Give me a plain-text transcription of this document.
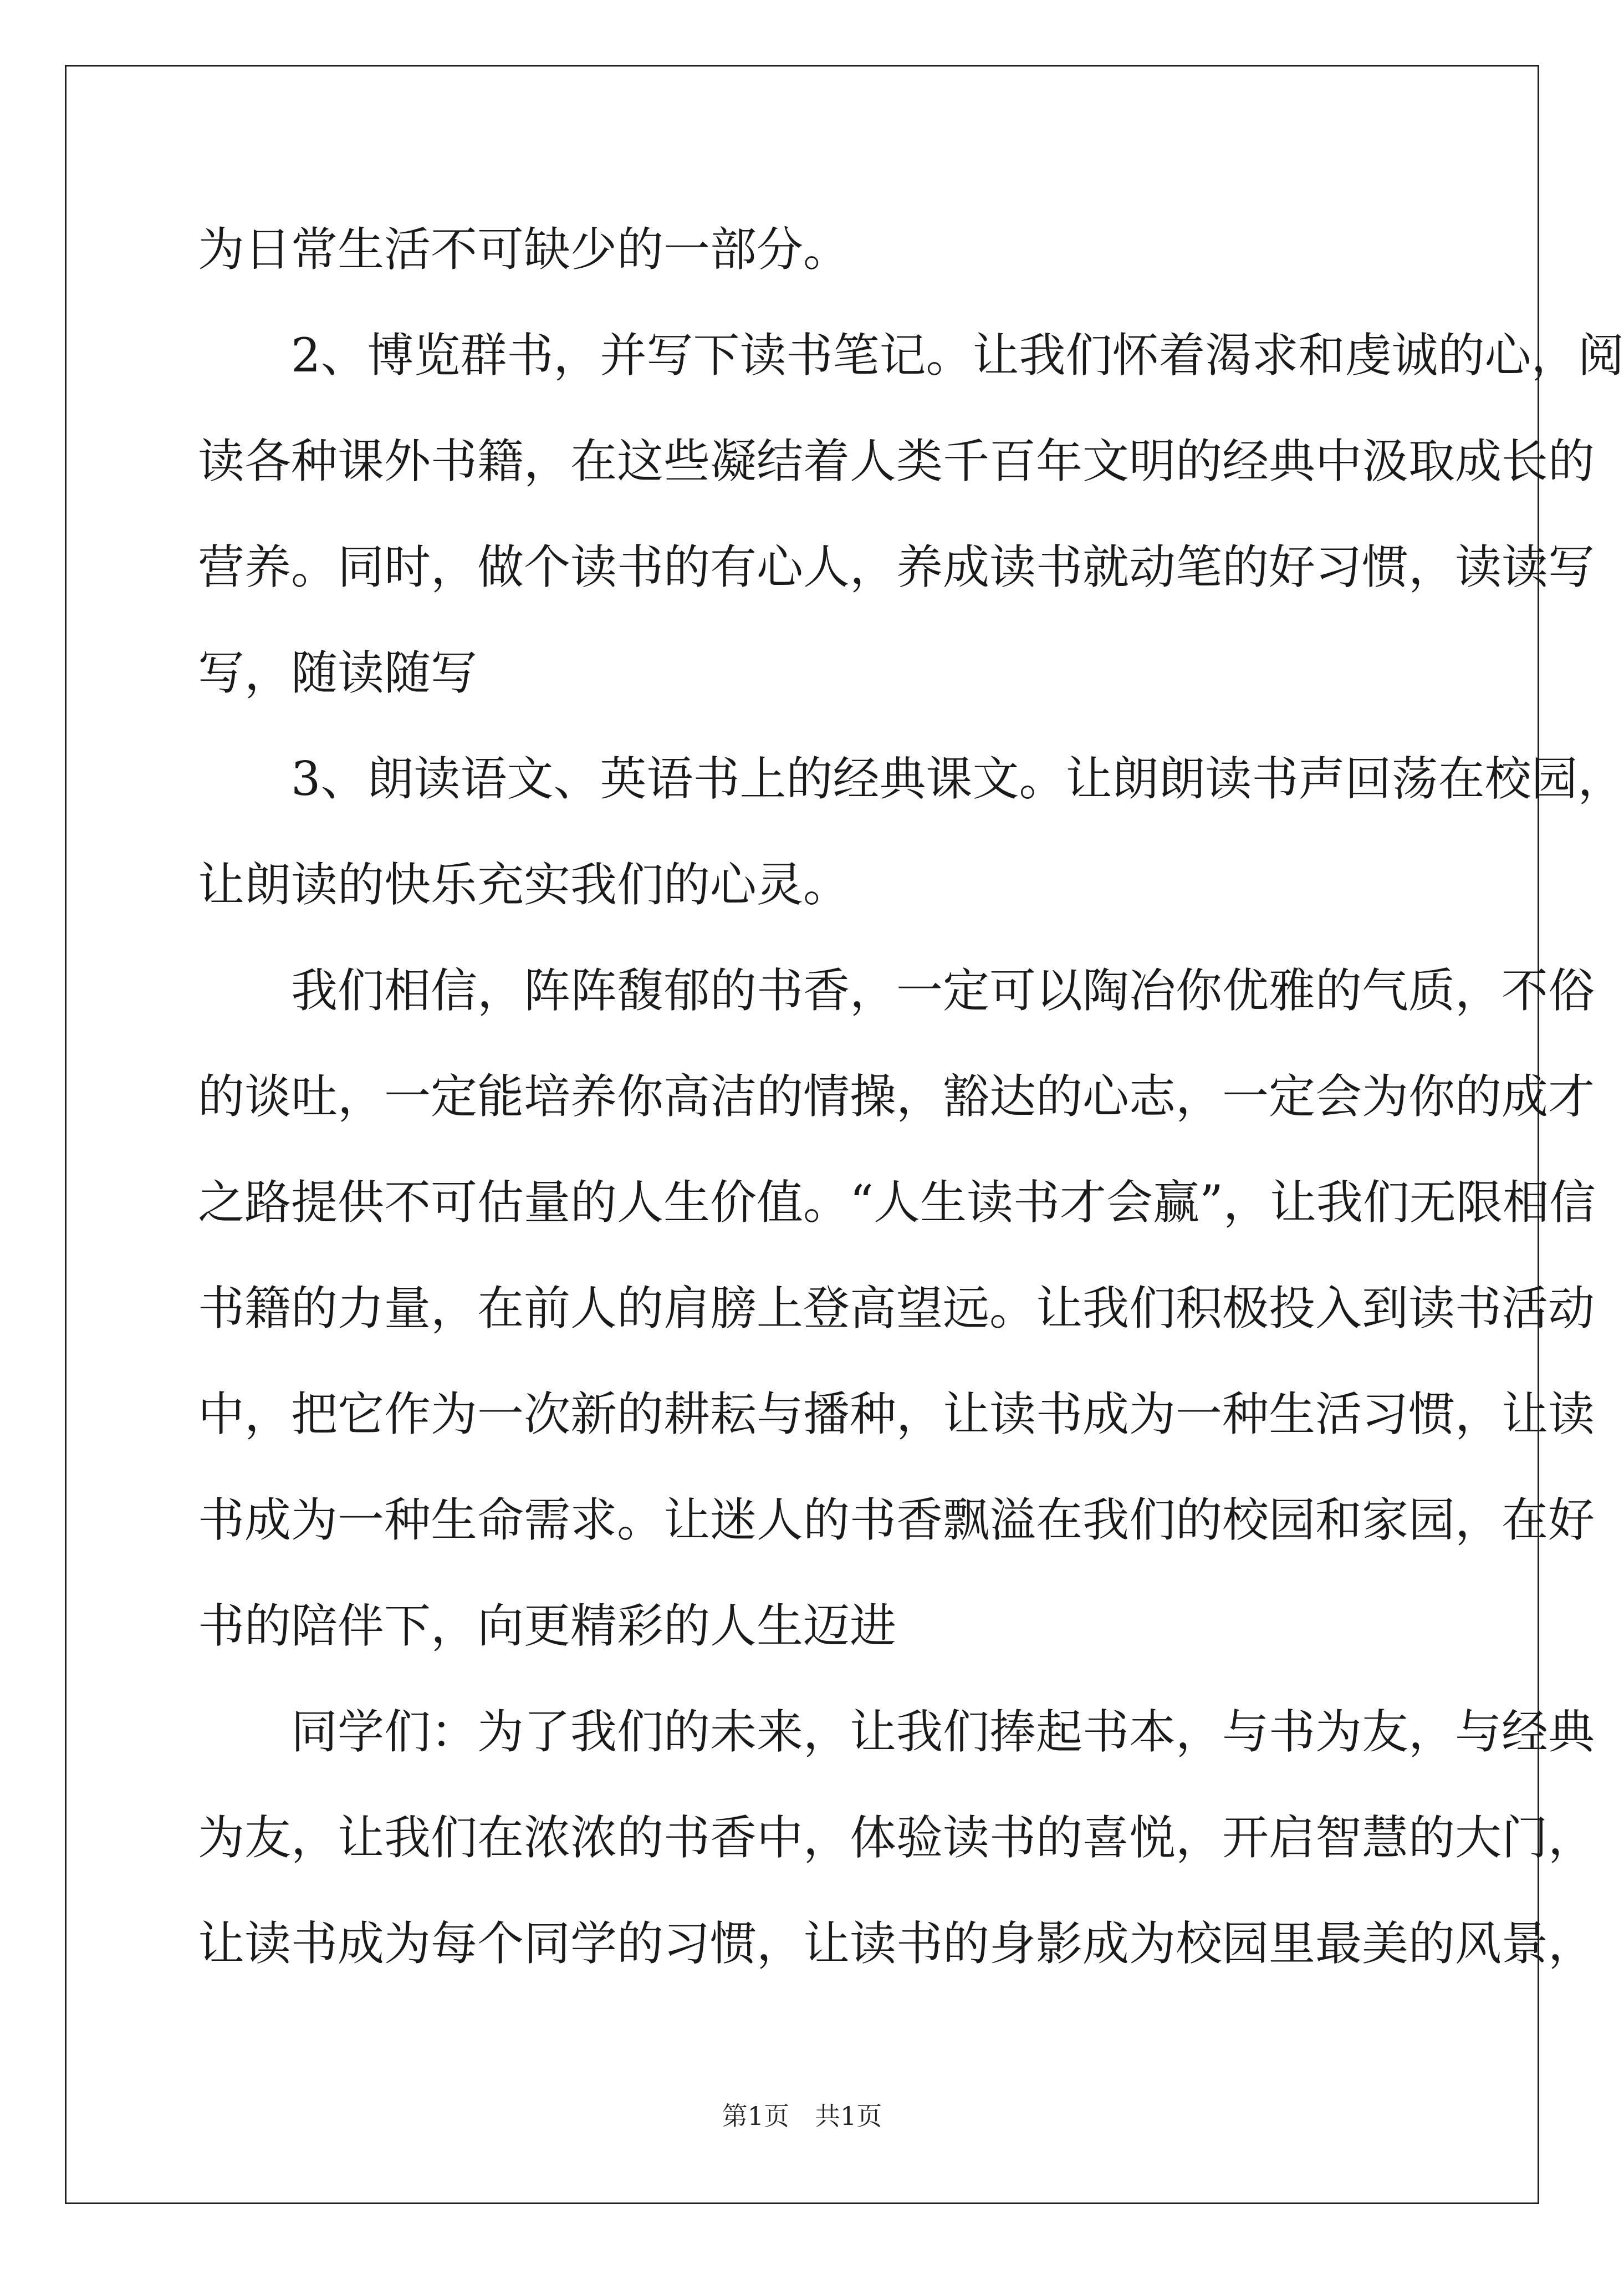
为日常生活不可缺少的一部分。
　　2、博览群书，并写下读书笔记。让我们怀着渴求和虔诚的心，阅
读各种课外书籍，在这些凝结着人类千百年文明的经典中汲取成长的
营养。同时，做个读书的有心人，养成读书就动笔的好习惯，读读写
写，随读随写
　　3、朗读语文、英语书上的经典课文。让朗朗读书声回荡在校园，
让朗读的快乐充实我们的心灵。
　　我们相信，阵阵馥郁的书香，一定可以陶冶你优雅的气质，不俗
的谈吐，一定能培养你高洁的情操，豁达的心志，一定会为你的成才
之路提供不可估量的人生价值。“人生读书才会赢”，让我们无限相信
书籍的力量，在前人的肩膀上登高望远。让我们积极投入到读书活动
中，把它作为一次新的耕耘与播种，让读书成为一种生活习惯，让读
书成为一种生命需求。让迷人的书香飘溢在我们的校园和家园，在好
书的陪伴下，向更精彩的人生迈进
　　同学们：为了我们的未来，让我们捧起书本，与书为友，与经典
为友，让我们在浓浓的书香中，体验读书的喜悦，开启智慧的大门，
让读书成为每个同学的习惯，让读书的身影成为校园里最美的风景，
第1页　共1页
